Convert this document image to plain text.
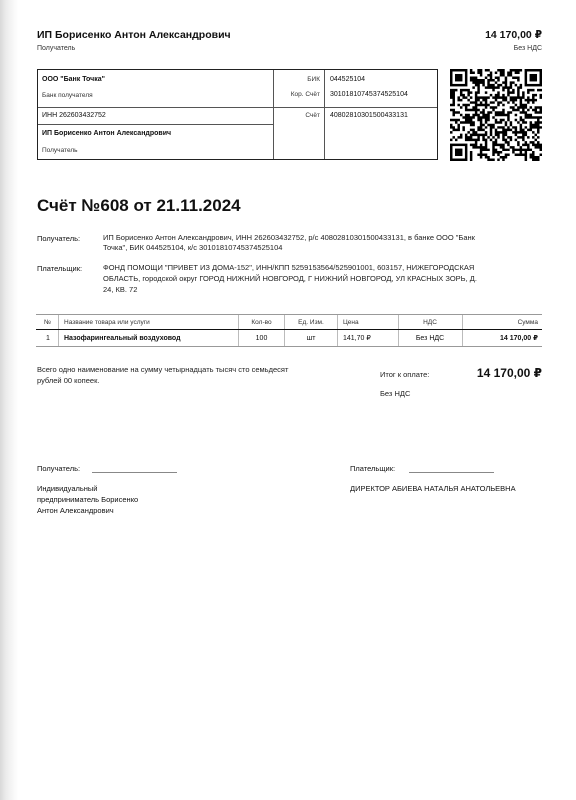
ИП Борисенко Антон Александрович
Получатель
14 170,00 ₽
Без НДС
ООО "Банк Точка"
Банк получателя
БИК 044525104
Кор. Счёт 30101810745374525104
ИНН 262603432752	Счёт 40802810301500433131
ИП Борисенко Антон Александрович
Получатель
Счёт №608 от 21.11.2024
Получатель:	ИП Борисенко Антон Александрович, ИНН 262603432752, р/с 40802810301500433131, в банке ООО "Банк
Точка", БИК 044525104, к/с 30101810745374525104
Плательщик:	ФОНД ПОМОЩИ "ПРИВЕТ ИЗ ДОМА-152", ИНН/КПП 5259153564/525901001, 603157, НИЖЕГОРОДСКАЯ
ОБЛАСТЬ, городской округ ГОРОД НИЖНИЙ НОВГОРОД, Г НИЖНИЙ НОВГОРОД, УЛ КРАСНЫХ ЗОРЬ, Д.
24, КВ. 72
№	Название товара или услуги	Кол-во	Ед. Изм.	Цена	НДС	Сумма
1	Назофарингеальный воздуховод	100	шт	141,70 ₽	Без НДС	14 170,00 ₽
Всего одно наименование на сумму четырнадцать тысяч сто семьдесят
рублей 00 копеек.
Итог к оплате:	14 170,00 ₽
Без НДС
Получатель:
Индивидуальный
предприниматель Борисенко
Антон Александрович
Плательщик:
ДИРЕКТОР АБИЕВА НАТАЛЬЯ АНАТОЛЬЕВНА
